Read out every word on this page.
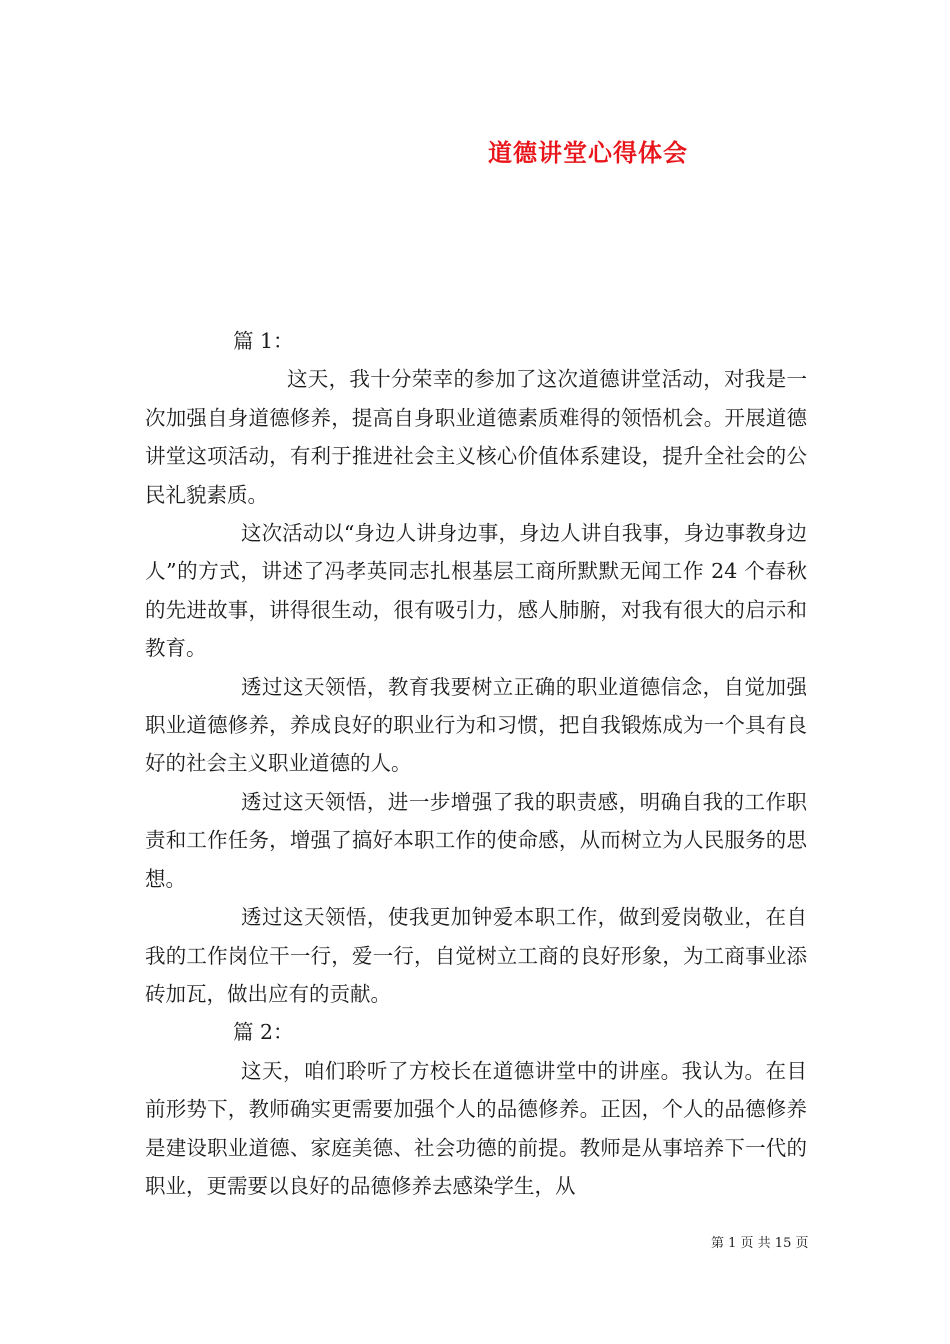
道德讲堂心得体会

篇 1：

这天，我十分荣幸的参加了这次道德讲堂活动，对我是一次加强自身道德修养，提高自身职业道德素质难得的领悟机会。开展道德讲堂这项活动，有利于推进社会主义核心价值体系建设，提升全社会的公民礼貌素质。

这次活动以“身边人讲身边事，身边人讲自我事，身边事教身边人”的方式，讲述了冯孝英同志扎根基层工商所默默无闻工作 24 个春秋的先进故事，讲得很生动，很有吸引力，感人肺腑，对我有很大的启示和教育。

透过这天领悟，教育我要树立正确的职业道德信念，自觉加强职业道德修养，养成良好的职业行为和习惯，把自我锻炼成为一个具有良好的社会主义职业道德的人。

透过这天领悟，进一步增强了我的职责感，明确自我的工作职责和工作任务，增强了搞好本职工作的使命感，从而树立为人民服务的思想。

透过这天领悟，使我更加钟爱本职工作，做到爱岗敬业，在自我的工作岗位干一行，爱一行，自觉树立工商的良好形象，为工商事业添砖加瓦，做出应有的贡献。

篇 2：

这天，咱们聆听了方校长在道德讲堂中的讲座。我认为。在目前形势下，教师确实更需要加强个人的品德修养。正因，个人的品德修养是建设职业道德、家庭美德、社会功德的前提。教师是从事培养下一代的职业，更需要以良好的品德修养去感染学生，从

第 1 页 共 15 页
